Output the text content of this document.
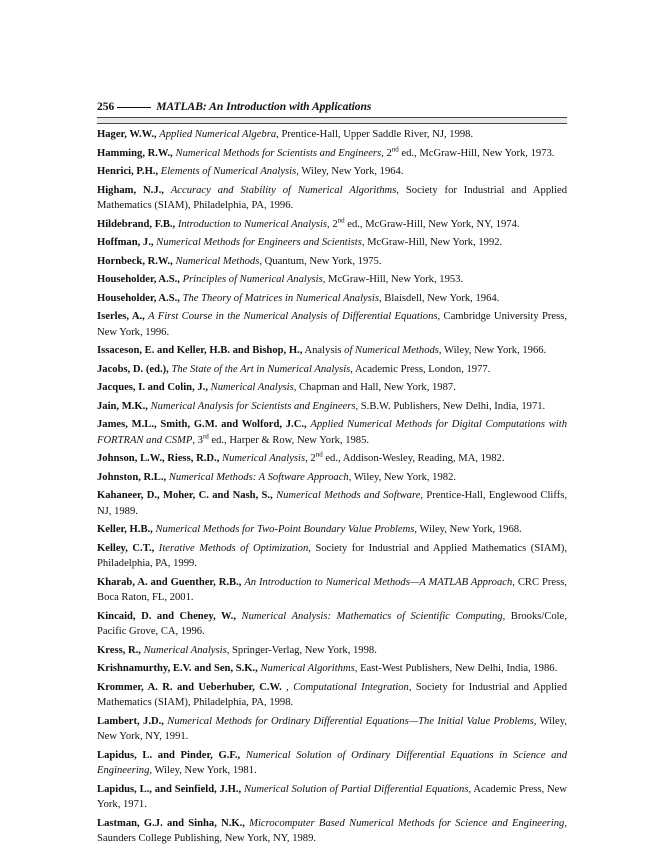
256	MATLAB: An Introduction with Applications

Hager, W.W., Applied Numerical Algebra, Prentice-Hall, Upper Saddle River, NJ, 1998.

Hamming, R.W., Numerical Methods for Scientists and Engineers, 2nd ed., McGraw-Hill, New York, 1973.

Henrici, P.H., Elements of Numerical Analysis, Wiley, New York, 1964.

Higham, N.J., Accuracy and Stability of Numerical Algorithms, Society for Industrial and Applied Mathematics (SIAM), Philadelphia, PA, 1996.

Hildebrand, F.B., Introduction to Numerical Analysis, 2nd ed., McGraw-Hill, New York, NY, 1974.

Hoffman, J., Numerical Methods for Engineers and Scientists, McGraw-Hill, New York, 1992.

Hornbeck, R.W., Numerical Methods, Quantum, New York, 1975.

Householder, A.S., Principles of Numerical Analysis, McGraw-Hill, New York, 1953.

Householder, A.S., The Theory of Matrices in Numerical Analysis, Blaisdell, New York, 1964.

Iserles, A., A First Course in the Numerical Analysis of Differential Equations, Cambridge University Press, New York, 1996.

Issaceson, E. and Keller, H.B. and Bishop, H., Analysis of Numerical Methods, Wiley, New York, 1966.

Jacobs, D. (ed.), The State of the Art in Numerical Analysis, Academic Press, London, 1977.

Jacques, I. and Colin, J., Numerical Analysis, Chapman and Hall, New York, 1987.

Jain, M.K., Numerical Analysis for Scientists and Engineers, S.B.W. Publishers, New Delhi, India, 1971.

James, M.L., Smith, G.M. and Wolford, J.C., Applied Numerical Methods for Digital Computations with FORTRAN and CSMP, 3rd ed., Harper & Row, New York, 1985.

Johnson, L.W., Riess, R.D., Numerical Analysis, 2nd ed., Addison-Wesley, Reading, MA, 1982.

Johnston, R.L., Numerical Methods: A Software Approach, Wiley, New York, 1982.

Kahaneer, D., Moher, C. and Nash, S., Numerical Methods and Software, Prentice-Hall, Englewood Cliffs, NJ, 1989.

Keller, H.B., Numerical Methods for Two-Point Boundary Value Problems, Wiley, New York, 1968.

Kelley, C.T., Iterative Methods of Optimization, Society for Industrial and Applied Mathematics (SIAM), Philadelphia, PA, 1999.

Kharab, A. and Guenther, R.B., An Introduction to Numerical Methods—A MATLAB Approach, CRC Press, Boca Raton, FL, 2001.

Kincaid, D. and Cheney, W., Numerical Analysis: Mathematics of Scientific Computing, Brooks/Cole, Pacific Grove, CA, 1996.

Kress, R., Numerical Analysis, Springer-Verlag, New York, 1998.

Krishnamurthy, E.V. and Sen, S.K., Numerical Algorithms, East-West Publishers, New Delhi, India, 1986.

Krommer, A. R. and Ueberhuber, C.W. , Computational Integration, Society for Industrial and Applied Mathematics (SIAM), Philadelphia, PA, 1998.

Lambert, J.D., Numerical Methods for Ordinary Differential Equations—The Initial Value Problems, Wiley, New York, NY, 1991.

Lapidus, L. and Pinder, G.F., Numerical Solution of Ordinary Differential Equations in Science and Engineering, Wiley, New York, 1981.

Lapidus, L., and Seinfield, J.H., Numerical Solution of Partial Differential Equations, Academic Press, New York, 1971.

Lastman, G.J. and Sinha, N.K., Microcomputer Based Numerical Methods for Science and Engineering, Saunders College Publishing, New York, NY, 1989.
